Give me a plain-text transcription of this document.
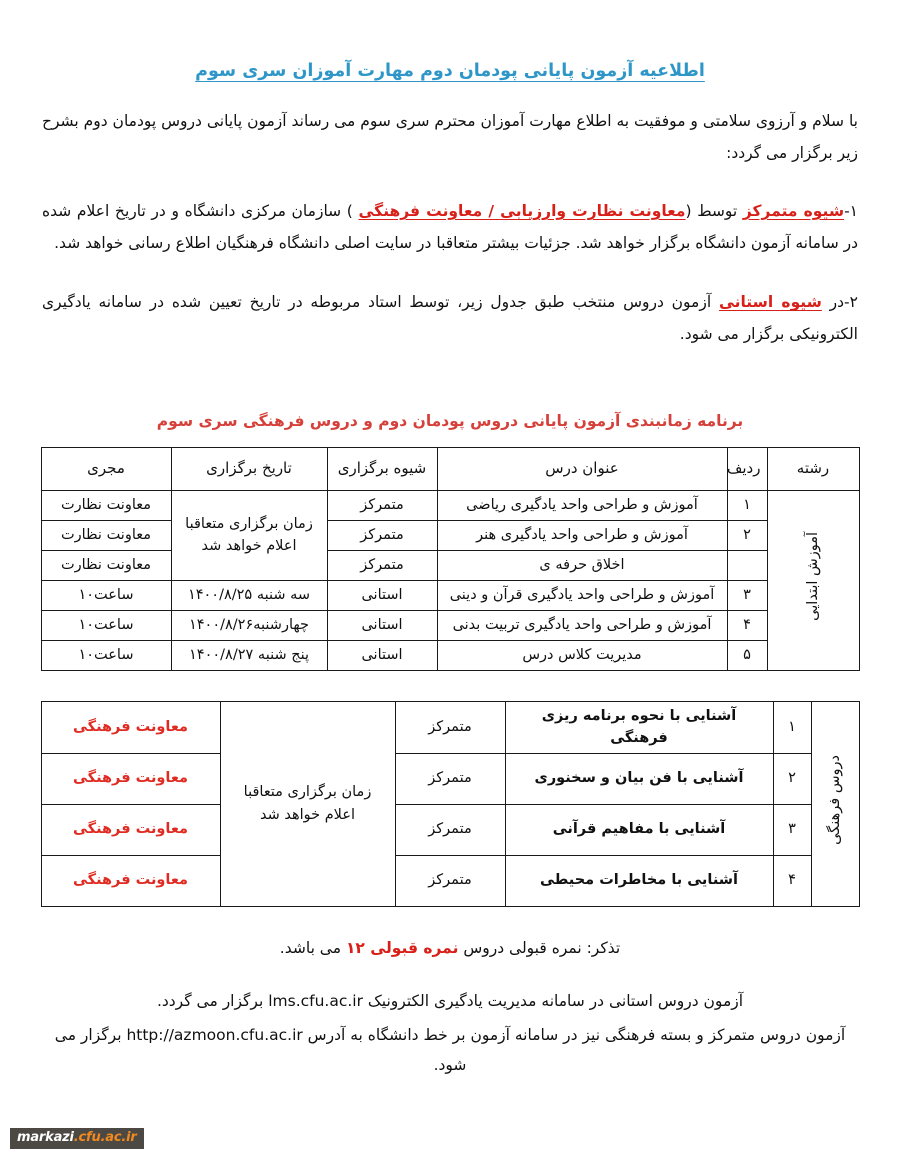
اطلاعیه آزمون پایانی پودمان دوم مهارت آموزان سری سوم

با سلام و آرزوی سلامتی و موفقیت به اطلاع مهارت آموزان محترم سری سوم می رساند آزمون پایانی دروس پودمان دوم بشرح زیر برگزار می گردد:

۱-شیوه متمرکز توسط (معاونت نظارت وارزیابی / معاونت فرهنگی ) سازمان مرکزی دانشگاه و در تاریخ اعلام شده در سامانه آزمون دانشگاه برگزار خواهد شد. جزئیات بیشتر متعاقبا در سایت اصلی دانشگاه فرهنگیان اطلاع رسانی خواهد شد.

۲-در شیوه استانی آزمون دروس منتخب طبق جدول زیر، توسط استاد مربوطه در تاریخ تعیین شده در سامانه یادگیری الکترونیکی برگزار می شود.

برنامه زمانبندی آزمون پایانی دروس پودمان دوم و دروس فرهنگی سری سوم

رشته	ردیف	عنوان درس	شیوه برگزاری	تاریخ برگزاری	مجری
آموزش ابتدایی	۱	آموزش و طراحی واحد یادگیری ریاضی	متمرکز	زمان برگزاری متعاقبا اعلام خواهد شد	معاونت نظارت
	۲	آموزش و طراحی واحد یادگیری هنر	متمرکز		معاونت نظارت
		اخلاق حرفه ی	متمرکز		معاونت نظارت
	۳	آموزش و طراحی واحد یادگیری قرآن و دینی	استانی	سه شنبه ۱۴۰۰/۸/۲۵	ساعت۱۰
	۴	آموزش و طراحی واحد یادگیری تربیت بدنی	استانی	چهارشنبه۱۴۰۰/۸/۲۶	ساعت۱۰
	۵	مدیریت کلاس درس	استانی	پنج شنبه ۱۴۰۰/۸/۲۷	ساعت۱۰
دروس فرهنگی	۱	آشنایی با نحوه برنامه ریزی فرهنگی	متمرکز	زمان برگزاری متعاقبا اعلام خواهد شد	معاونت فرهنگی
	۲	آشنایی با فن بیان و سخنوری	متمرکز		معاونت فرهنگی
	۳	آشنایی با مفاهیم قرآنی	متمرکز		معاونت فرهنگی
	۴	آشنایی با مخاطرات محیطی	متمرکز		معاونت فرهنگی

تذکر: نمره قبولی دروس نمره قبولی ۱۲ می باشد.

آزمون دروس استانی در سامانه مدیریت یادگیری الکترونیک lms.cfu.ac.ir برگزار می گردد.

آزمون دروس متمرکز و بسته فرهنگی نیز در سامانه آزمون بر خط دانشگاه به آدرس http://azmoon.cfu.ac.ir برگزار می شود.

markazi.cfu.ac.ir
